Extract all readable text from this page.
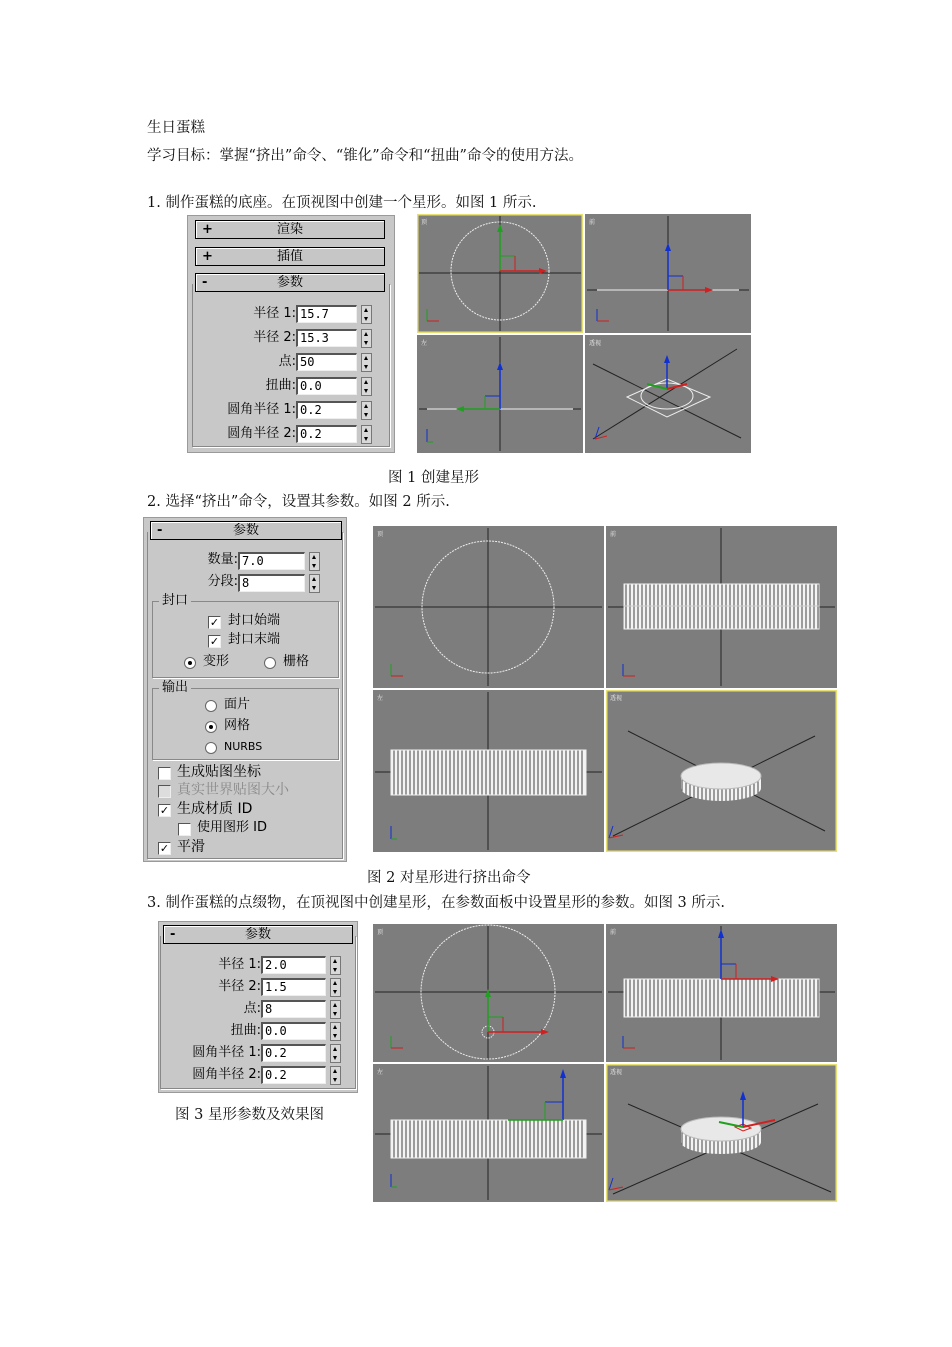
生日蛋糕
学习目标：掌握“挤出”命令、“锥化”命令和“扭曲”命令的使用方法。
1. 制作蛋糕的底座。在顶视图中创建一个星形。如图 1 所示.
+	渲染
+	插值
-	参数
半径 1: 15.7
半径 2: 15.3
点: 50
扭曲: 0.0
圆角半径 1: 0.2
圆角半径 2: 0.2
顶	前
左	透视
图 1 创建星形
2. 选择“挤出”命令，设置其参数。如图 2 所示.
-	参数
数量: 7.0
分段: 8
封口
✓ 封口始端
✓ 封口末端
变形	栅格
输出
面片
网格
NURBS
生成贴图坐标
真实世界贴图大小
✓ 生成材质 ID
使用图形 ID
✓ 平滑
顶	前
左	透视
图 2 对星形进行挤出命令
3. 制作蛋糕的点缀物，在顶视图中创建星形，在参数面板中设置星形的参数。如图 3 所示.
-	参数
半径 1: 2.0
半径 2: 1.5
点: 8
扭曲: 0.0
圆角半径 1: 0.2
圆角半径 2: 0.2
图 3 星形参数及效果图
顶	前
左	透视
